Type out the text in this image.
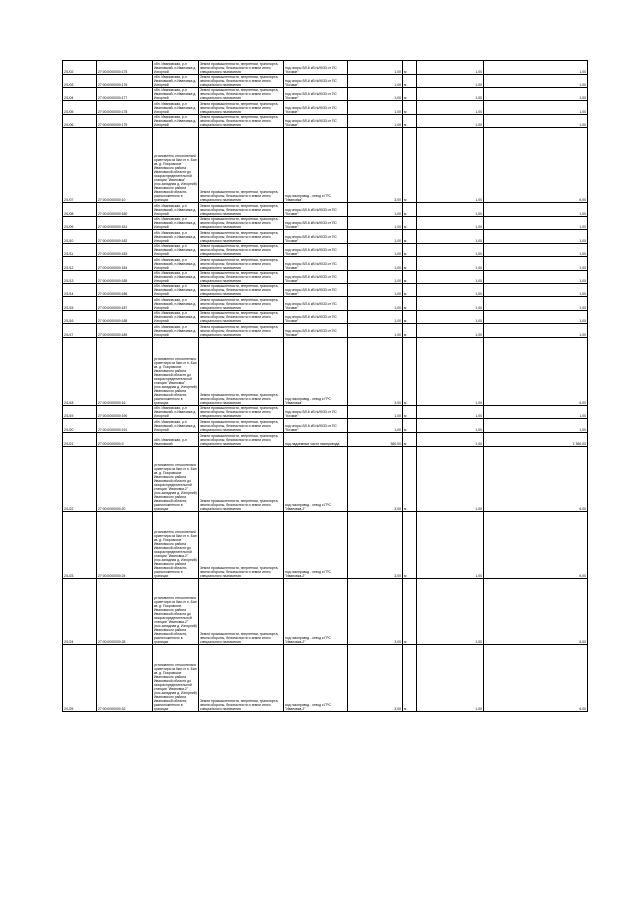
2/1/02	27:00:0000000:175	обл. Ивановская, р-н Ивановский, п.Ивановка д. Изгорний	Земли промышленности, энергетики, транспорта, земли обороны, безопасности и земли иного специального назначения	под опоры ВЛ-6 кВ №9033 от ПС "Кочмат"	1,00	м	1,00	1,00
2/1/03	27:00:0000000:176	обл. Ивановская, р-н Ивановский, п.Ивановка д. Изгорний	Земли промышленности, энергетики, транспорта, земли обороны, безопасности и земли иного специального назначения	под опоры ВЛ-6 кВ №9033 от ПС "Кочмат"	1,00	м	1,00	1,00
2/1/04	27:00:0000000:177	обл. Ивановская, р-н Ивановский, п.Ивановка д. Изгорний	Земли промышленности, энергетики, транспорта, земли обороны, безопасности и земли иного специального назначения	под опоры ВЛ-6 кВ №9033 от ПС "Кочмат"	1,00	м	1,00	1,00
2/1/05	27:00:0000000:178	обл. Ивановская, р-н Ивановский, п.Ивановка д. Изгорний	Земли промышленности, энергетики, транспорта, земли обороны, безопасности и земли иного специального назначения	под опоры ВЛ-6 кВ №9033 от ПС "Кочмат"	1,00	м	1,00	1,00
2/1/06	27:00:0000000:179	обл. Ивановская, р-н Ивановский, п.Ивановка д. Изгорний	Земли промышленности, энергетики, транспорта, земли обороны, безопасности и земли иного специального назначения	под опоры ВЛ-6 кВ №9033 от ПС "Кочмат"	1,00	м	1,00	1,00
2/1/07	27:00:0000000:10	установлено относительно ориентира из 5км от п. Бан кв. д. Покровское Ивановского района Ивановской области до газораспределительной станции "Ивановка" (пос.западная д. Изгорний) Ивановского района Ивановской области, расположенного в границах	Земли промышленности, энергетики, транспорта, земли обороны, безопасности и земли иного специального назначения	под газопровод - отвод к ГРС "Ивановка"	3,00	м	1,00	6,00
2/1/08	27:00:0000000:180	обл. Ивановская, р-н Ивановский, п.Ивановка д. Изгорний	Земли промышленности, энергетики, транспорта, земли обороны, безопасности и земли иного специального назначения	под опоры ВЛ-6 кВ №9033 от ПС "Кочмат"	1,00	м	1,00	1,00
2/1/09	27:00:0000000:181	обл. Ивановская, р-н Ивановский, п.Ивановка д. Изгорний	Земли промышленности, энергетики, транспорта, земли обороны, безопасности и земли иного специального назначения	под опоры ВЛ-6 кВ №9033 от ПС "Кочмат"	1,00	м	1,00	1,00
2/1/10	27:00:0000000:182	обл. Ивановская, р-н Ивановский, п.Ивановка д. Изгорний	Земли промышленности, энергетики, транспорта, земли обороны, безопасности и земли иного специального назначения	под опоры ВЛ-6 кВ №9033 от ПС "Кочмат"	1,00	м	1,00	1,00
2/1/11	27:00:0000000:183	обл. Ивановская, р-н Ивановский, п.Ивановка д. Изгорний	Земли промышленности, энергетики, транспорта, земли обороны, безопасности и земли иного специального назначения	под опоры ВЛ-6 кВ №9033 от ПС "Кочмат"	1,00	м	1,00	1,00
2/1/12	27:00:0000000:184	обл. Ивановская, р-н Ивановский, п.Ивановка д. Изгорний	Земли промышленности, энергетики, транспорта, земли обороны, безопасности и земли иного специального назначения	под опоры ВЛ-6 кВ №9033 от ПС "Кочмат"	1,00	м	1,00	1,00
2/1/13	27:00:0000000:185	обл. Ивановская, р-н Ивановский, п.Ивановка д. Изгорний	Земли промышленности, энергетики, транспорта, земли обороны, безопасности и земли иного специального назначения	под опоры ВЛ-6 кВ №9033 от ПС "Кочмат"	1,00	м	1,00	1,00
2/1/14	27:00:0000000:186	обл. Ивановская, р-н Ивановский, п.Ивановка д. Изгорний	Земли промышленности, энергетики, транспорта, земли обороны, безопасности и земли иного специального назначения	под опоры ВЛ-6 кВ №9033 от ПС "Кочмат"	1,00	м	1,00	1,00
2/1/15	27:00:0000000:187	обл. Ивановская, р-н Ивановский, п.Ивановка д. Изгорний	Земли промышленности, энергетики, транспорта, земли обороны, безопасности и земли иного специального назначения	под опоры ВЛ-6 кВ №9033 от ПС "Кочмат"	1,00	м	1,00	1,00
2/1/16	27:00:0000000:188	обл. Ивановская, р-н Ивановский, п.Ивановка д. Изгорний	Земли промышленности, энергетики, транспорта, земли обороны, безопасности и земли иного специального назначения	под опоры ВЛ-6 кВ №9033 от ПС "Кочмат"	1,00	м	1,00	1,00
2/1/17	27:00:0000000:189	обл. Ивановская, р-н Ивановский, п.Ивановка д. Изгорний	Земли промышленности, энергетики, транспорта, земли обороны, безопасности и земли иного специального назначения	под опоры ВЛ-6 кВ №9033 от ПС "Кочмат"	1,00	м	1,00	1,00
2/1/18	27:00:0000000:16	установлено относительно ориентира из 5км от п. Бан кв. д. Покровское Ивановского района Ивановской области до газораспределительной станции "Ивановка" (пос.западная д. Изгорний) Ивановского района Ивановской области, расположенного в границах	Земли промышленности, энергетики, транспорта, земли обороны, безопасности и земли иного специального назначения	под газопровод - отвод к ГРС "Ивановка"	3,00	м	1,00	6,00
2/1/19	27:00:0000000:190	обл. Ивановская, р-н Ивановский, п.Ивановка д. Изгорний	Земли промышленности, энергетики, транспорта, земли обороны, безопасности и земли иного специального назначения	под опоры ВЛ-6 кВ №9033 от ПС "Кочмат"	1,00	м	1,00	1,00
2/1/20	27:00:0000000:191	обл. Ивановская, р-н Ивановский, п.Ивановка д. Изгорний	Земли промышленности, энергетики, транспорта, земли обороны, безопасности и земли иного специального назначения	под опоры ВЛ-6 кВ №9033 от ПС "Кочмат"	1,00	м	1,00	1,00
2/1/21	27:00:0000000:3	обл. Ивановская, р-н Ивановский	Земли промышленности, энергетики, транспорта, земли обороны, безопасности и земли иного специального назначения	под надземные части газопровода	560,00	м	1,00	1 560,00
2/1/22	27:00:0000000:20	установлено относительно ориентира из 5км от п. Бан кв. д. Покровское Ивановского района Ивановской области до газораспределительной станции "Ивановка-2" (пос.западная д. Изгорний) Ивановского района Ивановской области, расположенного в границах	Земли промышленности, энергетики, транспорта, земли обороны, безопасности и земли иного специального назначения	под газопровод - отвод к ГРС "Ивановка-2"	3,00	м	1,00	6,00
2/1/23	27:00:0000000:24	установлено относительно ориентира из 5км от п. Бан кв. д. Покровское Ивановского района Ивановской области до газораспределительной станции "Ивановка-2" (пос.западная д. Изгорний) Ивановского района Ивановской области, расположенного в границах	Земли промышленности, энергетики, транспорта, земли обороны, безопасности и земли иного специального назначения	под газопровод - отвод к ГРС "Ивановка-2"	3,00	м	1,00	6,00
2/1/24	27:00:0000000:28	установлено относительно ориентира из 5км от п. Бан кв. д. Покровское Ивановского района Ивановской области до газораспределительной станции "Ивановка-2" (пос.западная д. Изгорний) Ивановского района Ивановской области, расположенного в границах	Земли промышленности, энергетики, транспорта, земли обороны, безопасности и земли иного специального назначения	под газопровод - отвод к ГРС "Ивановка-2"	3,00	м	1,00	6,00
2/1/25	27:00:0000000:32	установлено относительно ориентира из 5км от п. Бан кв. д. Покровское Ивановского района Ивановской области до газораспределительной станции "Ивановка-2" (пос.западная д. Изгорний) Ивановского района Ивановской области, расположенного в границах	Земли промышленности, энергетики, транспорта, земли обороны, безопасности и земли иного специального назначения	под газопровод - отвод к ГРС "Ивановка-2"	3,00	м	1,00	6,00
